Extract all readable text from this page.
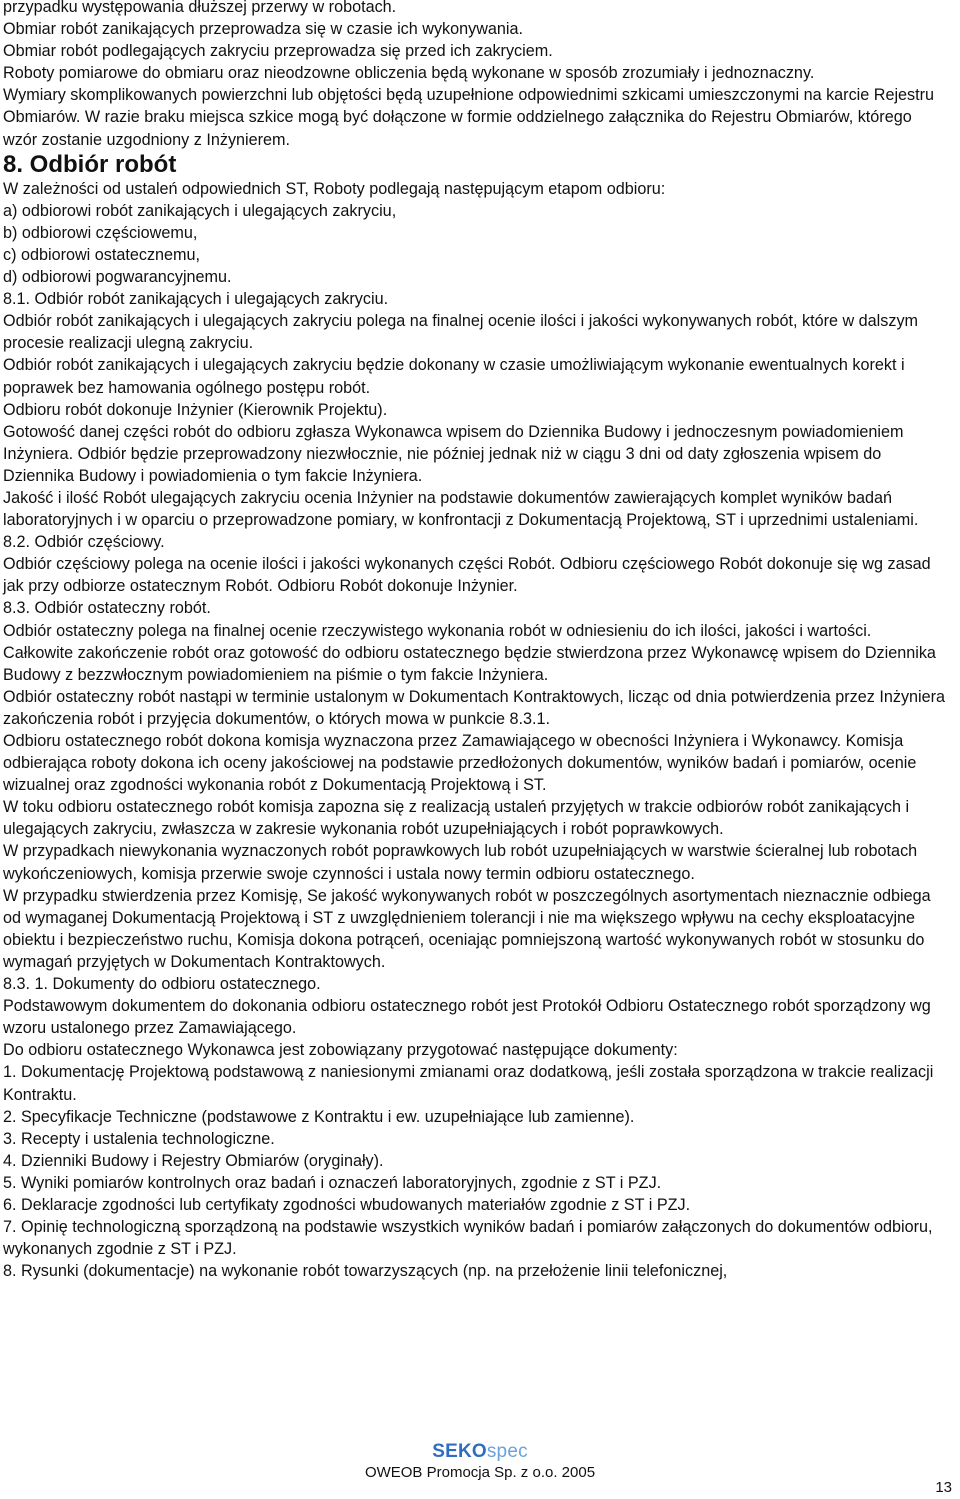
przypadku występowania dłuższej przerwy w robotach.

Obmiar robót zanikających przeprowadza się w czasie ich wykonywania.

Obmiar robót podlegających zakryciu przeprowadza się przed ich zakryciem.

Roboty pomiarowe do obmiaru oraz nieodzowne obliczenia będą wykonane w sposób zrozumiały i jednoznaczny.

Wymiary skomplikowanych powierzchni lub objętości będą uzupełnione odpowiednimi szkicami umieszczonymi na karcie Rejestru Obmiarów. W razie braku miejsca szkice mogą być dołączone w formie oddzielnego załącznika do Rejestru Obmiarów, którego wzór zostanie uzgodniony z Inżynierem.

8. Odbiór robót

W zależności od ustaleń odpowiednich ST, Roboty podlegają następującym etapom odbioru:

a) odbiorowi robót zanikających i ulegających zakryciu,

b) odbiorowi częściowemu,

c) odbiorowi ostatecznemu,

d) odbiorowi pogwarancyjnemu.

8.1. Odbiór robót zanikających i ulegających zakryciu.

Odbiór robót zanikających i ulegających zakryciu polega na finalnej ocenie ilości i jakości wykonywanych robót, które w dalszym procesie realizacji ulegną zakryciu.

Odbiór robót zanikających i ulegających zakryciu będzie dokonany w czasie umożliwiającym wykonanie ewentualnych korekt i poprawek bez hamowania ogólnego postępu robót.

Odbioru robót dokonuje Inżynier (Kierownik Projektu).

Gotowość danej części robót do odbioru zgłasza Wykonawca wpisem do Dziennika Budowy i jednoczesnym powiadomieniem Inżyniera. Odbiór będzie przeprowadzony niezwłocznie, nie później jednak niż w ciągu 3 dni od daty zgłoszenia wpisem do Dziennika Budowy i powiadomienia o tym fakcie Inżyniera.

Jakość i ilość Robót ulegających zakryciu ocenia Inżynier na podstawie dokumentów zawierających komplet wyników badań laboratoryjnych i w oparciu o przeprowadzone pomiary, w konfrontacji z Dokumentacją Projektową, ST i uprzednimi ustaleniami.

8.2. Odbiór częściowy.

Odbiór częściowy polega na ocenie ilości i jakości wykonanych części Robót. Odbioru częściowego Robót dokonuje się wg zasad jak przy odbiorze ostatecznym Robót. Odbioru Robót dokonuje Inżynier.

8.3. Odbiór ostateczny robót.

Odbiór ostateczny polega na finalnej ocenie rzeczywistego wykonania robót w odniesieniu do ich ilości, jakości i wartości.

Całkowite zakończenie robót oraz gotowość do odbioru ostatecznego będzie stwierdzona przez Wykonawcę wpisem do Dziennika Budowy z bezzwłocznym powiadomieniem na piśmie o tym fakcie Inżyniera.

Odbiór ostateczny robót nastąpi w terminie ustalonym w Dokumentach Kontraktowych, licząc od dnia potwierdzenia przez Inżyniera zakończenia robót i przyjęcia dokumentów, o których mowa w punkcie 8.3.1.

Odbioru ostatecznego robót dokona komisja wyznaczona przez Zamawiającego w obecności Inżyniera i Wykonawcy. Komisja odbierająca roboty dokona ich oceny jakościowej na podstawie przedłożonych dokumentów, wyników badań i pomiarów, ocenie wizualnej oraz zgodności wykonania robót z Dokumentacją Projektową i ST.

W toku odbioru ostatecznego robót komisja zapozna się z realizacją ustaleń przyjętych w trakcie odbiorów robót zanikających i ulegających zakryciu, zwłaszcza w zakresie wykonania robót uzupełniających i robót poprawkowych.

W przypadkach niewykonania wyznaczonych robót poprawkowych lub robót uzupełniających w warstwie ścieralnej lub robotach wykończeniowych, komisja przerwie swoje czynności i ustala nowy termin odbioru ostatecznego.

W przypadku stwierdzenia przez Komisję, Se jakość wykonywanych robót w poszczególnych asortymentach nieznacznie odbiega od wymaganej Dokumentacją Projektową i ST z uwzględnieniem tolerancji i nie ma większego wpływu na cechy eksploatacyjne obiektu i bezpieczeństwo ruchu, Komisja dokona potrąceń, oceniając pomniejszoną wartość wykonywanych robót w stosunku do wymagań przyjętych w Dokumentach Kontraktowych.

8.3. 1. Dokumenty do odbioru ostatecznego.

Podstawowym dokumentem do dokonania odbioru ostatecznego robót jest Protokół Odbioru Ostatecznego robót sporządzony wg wzoru ustalonego przez Zamawiającego.

Do odbioru ostatecznego Wykonawca jest zobowiązany przygotować następujące dokumenty:

1. Dokumentację Projektową podstawową z naniesionymi zmianami oraz dodatkową, jeśli została sporządzona w trakcie realizacji Kontraktu.

2. Specyfikacje Techniczne (podstawowe z Kontraktu i ew. uzupełniające lub zamienne).

3. Recepty i ustalenia technologiczne.

4. Dzienniki Budowy i Rejestry Obmiarów (oryginały).

5. Wyniki pomiarów kontrolnych oraz badań i oznaczeń laboratoryjnych, zgodnie z ST i PZJ.

6. Deklaracje zgodności lub certyfikaty zgodności wbudowanych materiałów zgodnie z ST i PZJ.

7. Opinię technologiczną sporządzoną na podstawie wszystkich wyników badań i pomiarów załączonych do dokumentów odbioru, wykonanych zgodnie z ST i PZJ.

8. Rysunki (dokumentacje) na wykonanie robót towarzyszących (np. na przełożenie linii telefonicznej,

SEKOspec
OWEOB Promocja Sp. z o.o. 2005
13
